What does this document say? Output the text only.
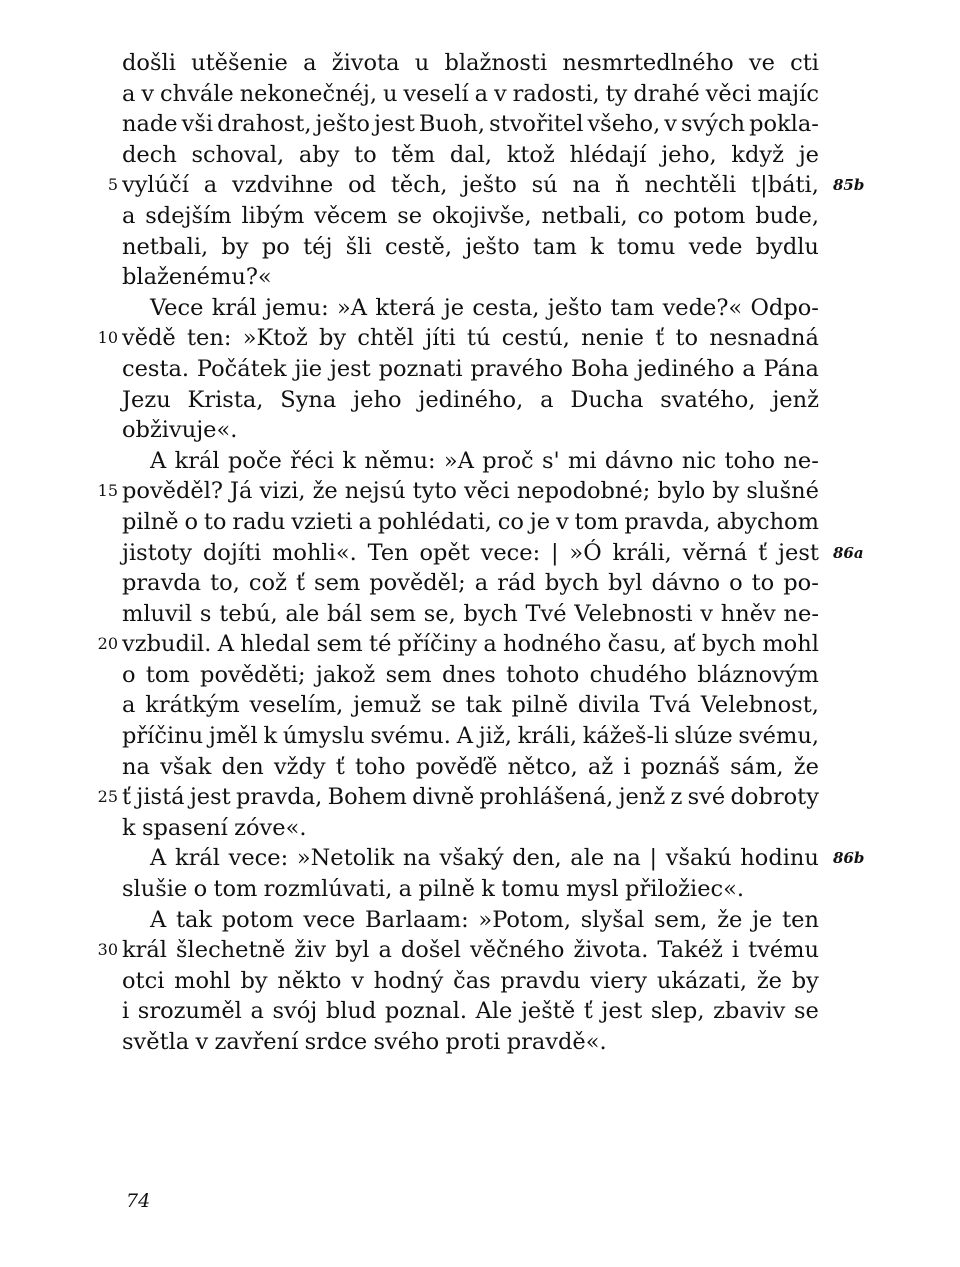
došli utěšenie a života u blažnosti nesmrtedlného ve cti
a v chvále nekonečnéj, u veselí a v radosti, ty drahé věci majíc
nade vši drahost, ješto jest Buoh, stvořitel všeho, v svých pokla-
dech schoval, aby to těm dal, ktož hlédají jeho, když je
vylúčí a vzdvihne od těch, ješto sú na ň nechtěli t|báti,
5	85b
a sdejším libým věcem se okojivše, netbali, co potom bude,
netbali, by po téj šli cestě, ješto tam k tomu vede bydlu
blaženému?«
Vece král jemu: »A která je cesta, ješto tam vede?« Odpo-
vědě ten: »Ktož by chtěl jíti tú cestú, nenie ť to nesnadná
10
cesta. Počátek jie jest poznati pravého Boha jediného a Pána
Jezu Krista, Syna jeho jediného, a Ducha svatého, jenž
obživuje«.
A král poče řéci k němu: »A proč s' mi dávno nic toho ne-
pověděl? Já vizi, že nejsú tyto věci nepodobné; bylo by slušné
15
pilně o to radu vzieti a pohlédati, co je v tom pravda, abychom
jistoty dojíti mohli«. Ten opět vece: | »Ó králi, věrná ť jest 86a
pravda to, což ť sem pověděl; a rád bych byl dávno o to po-
mluvil s tebú, ale bál sem se, bych Tvé Velebnosti v hněv ne-
vzbudil. A hledal sem té příčiny a hodného času, ať bych mohl
20
o tom pověděti; jakož sem dnes tohoto chudého bláznovým
a krátkým veselím, jemuž se tak pilně divila Tvá Velebnost,
příčinu jměl k úmyslu svému. A již, králi, kážeš-li slúze svému,
na však den vždy ť toho pověďě nětco, až i poznáš sám, že
ť jistá jest pravda, Bohem divně prohlášená, jenž z své dobroty
25
k spasení zóve«.
A král vece: »Netolik na všaký den, ale na | všakú hodinu 86b
slušie o tom rozmlúvati, a pilně k tomu mysl přiložiec«.
A tak potom vece Barlaam: »Potom, slyšal sem, že je ten
král šlechetně živ byl a došel věčného života. Takéž i tvému
30
otci mohl by někto v hodný čas pravdu viery ukázati, že by
i srozuměl a svój blud poznal. Ale ještě ť jest slep, zbaviv se
světla v zavření srdce svého proti pravdě«.
74
